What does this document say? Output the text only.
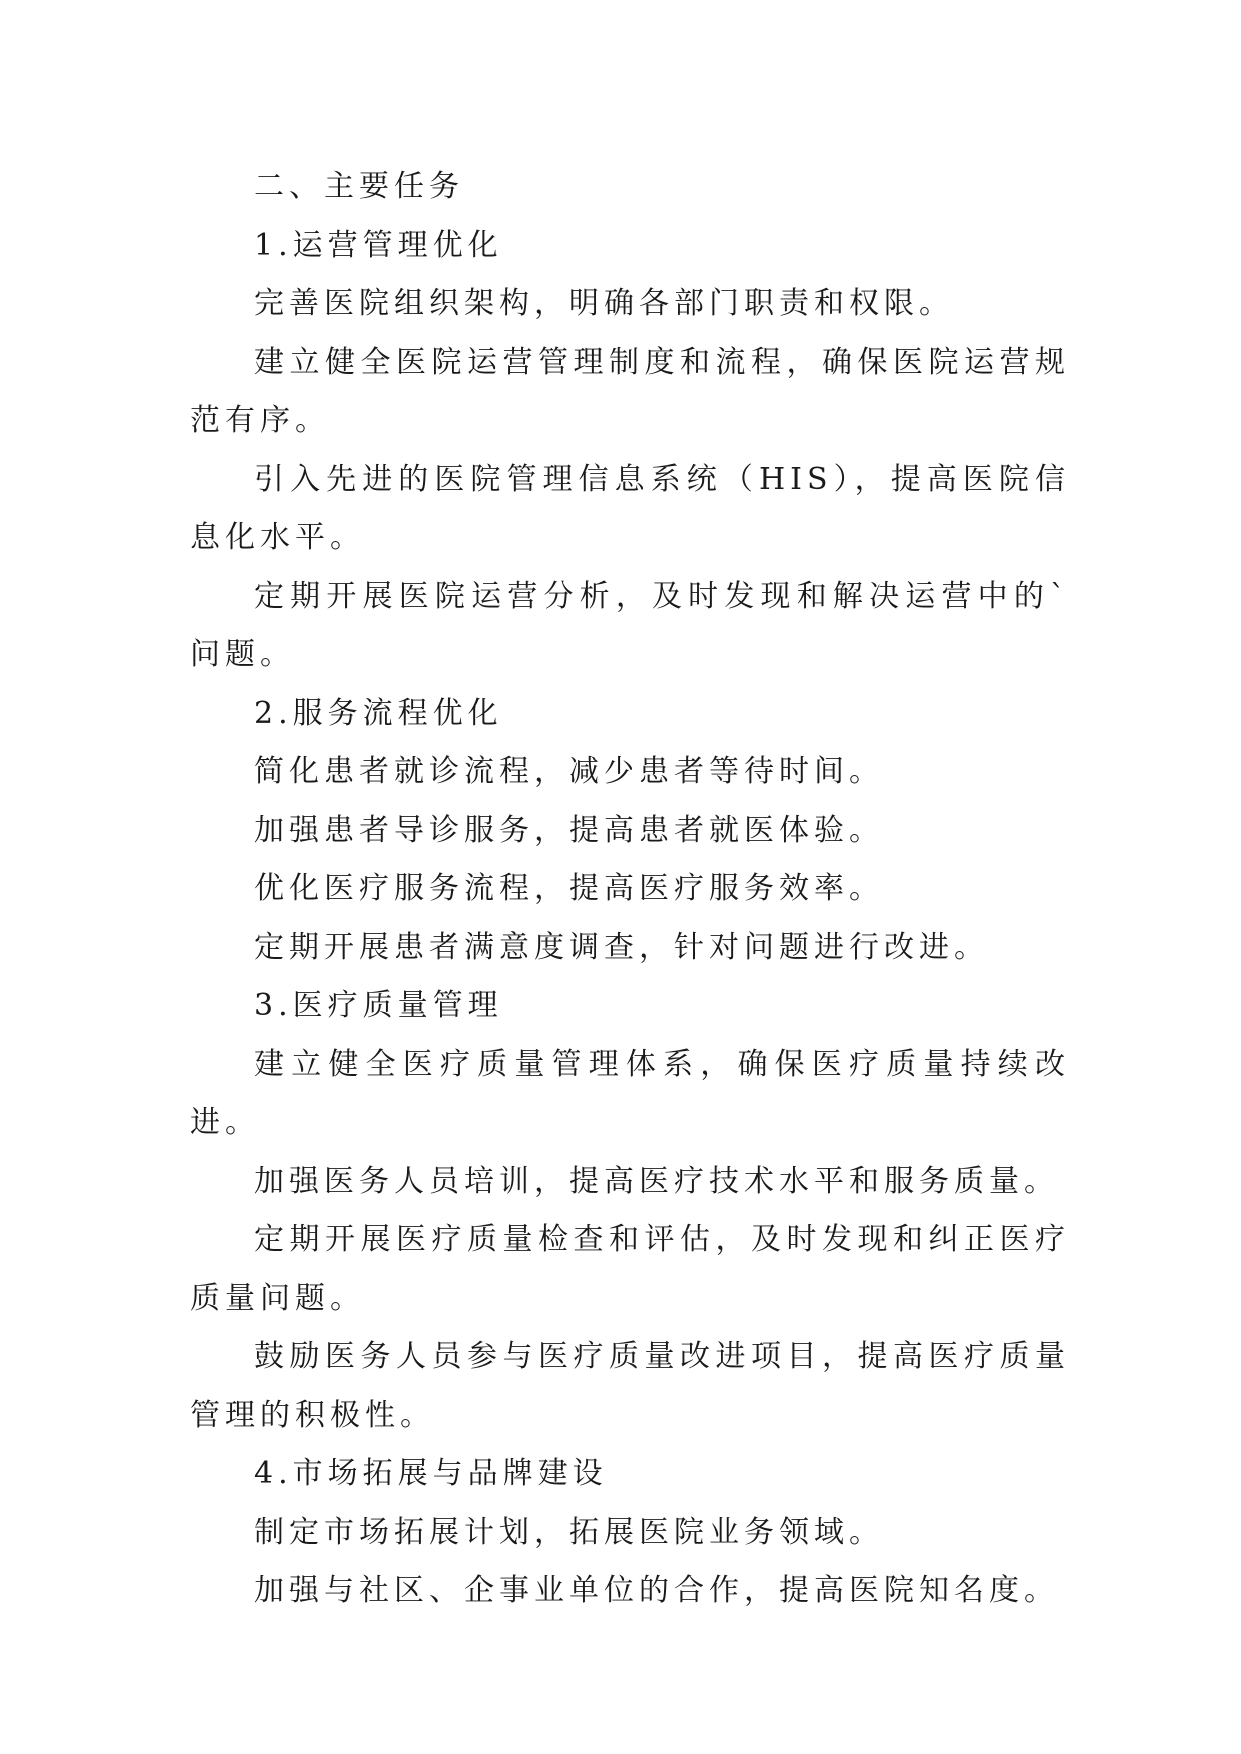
二、主要任务

1.运营管理优化

完善医院组织架构，明确各部门职责和权限。

建立健全医院运营管理制度和流程，确保医院运营规范有序。

引入先进的医院管理信息系统（HIS），提高医院信息化水平。

定期开展医院运营分析，及时发现和解决运营中的`问题。

2.服务流程优化

简化患者就诊流程，减少患者等待时间。

加强患者导诊服务，提高患者就医体验。

优化医疗服务流程，提高医疗服务效率。

定期开展患者满意度调查，针对问题进行改进。

3.医疗质量管理

建立健全医疗质量管理体系，确保医疗质量持续改进。

加强医务人员培训，提高医疗技术水平和服务质量。

定期开展医疗质量检查和评估，及时发现和纠正医疗质量问题。

鼓励医务人员参与医疗质量改进项目，提高医疗质量管理的积极性。

4.市场拓展与品牌建设

制定市场拓展计划，拓展医院业务领域。

加强与社区、企事业单位的合作，提高医院知名度。
